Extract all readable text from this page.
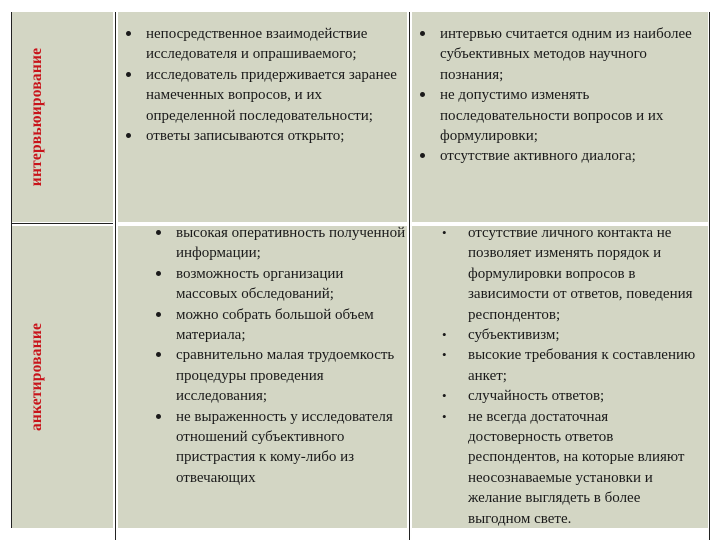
интервьюирование
непосредственное взаимодействие исследователя и опрашиваемого;
исследователь придерживается заранее намеченных вопросов, и их определенной последовательности;
ответы записываются открыто;
интервью считается одним из наиболее субъективных методов научного познания;
не допустимо изменять последовательности вопросов и их формулировки;
отсутствие активного диалога;
анкетирование
высокая оперативность полученной информации;
возможность организации массовых обследований;
можно собрать большой объем материала;
сравнительно малая трудоемкость процедуры проведения исследования;
не выраженность у исследователя отношений субъективного пристрастия к кому-либо из отвечающих
• отсутствие личного контакта не позволяет изменять порядок и формулировки вопросов в зависимости от ответов, поведения респондентов;
• субъективизм;
• высокие требования к составлению анкет;
• случайность ответов;
• не всегда достаточная достоверность ответов респондентов, на которые влияют неосознаваемые установки и желание выглядеть в более выгодном свете.
